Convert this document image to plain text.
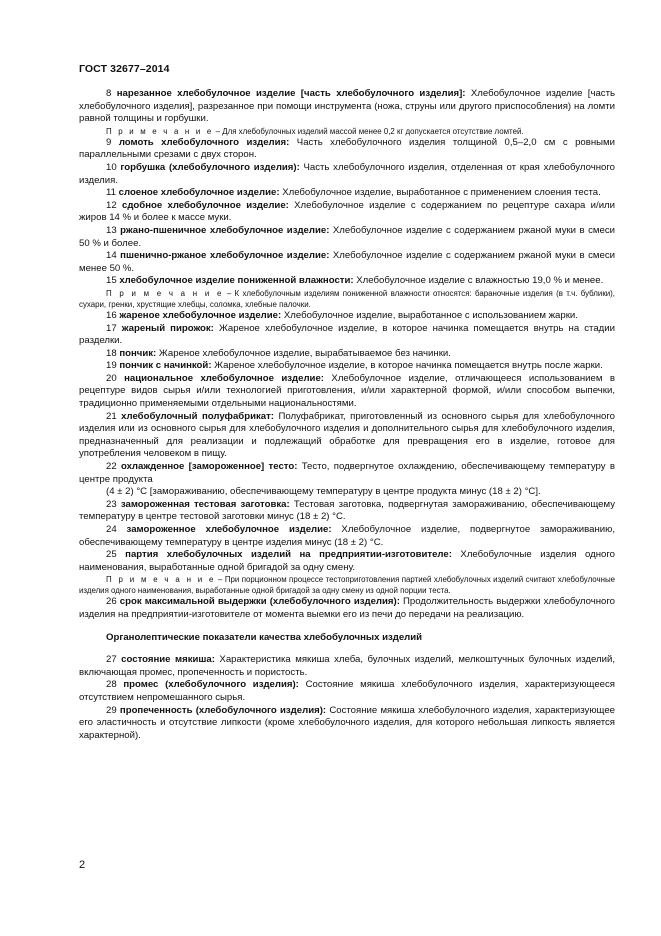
ГОСТ 32677–2014

8 нарезанное хлебобулочное изделие [часть хлебобулочного изделия]: Хлебобулочное изделие [часть хлебобулочного изделия], разрезанное при помощи инструмента (ножа, струны или другого приспособления) на ломти равной толщины и горбушки.

П р и м е ч а н и е – Для хлебобулочных изделий массой менее 0,2 кг допускается отсутствие ломтей.

9 ломоть хлебобулочного изделия: Часть хлебобулочного изделия толщиной 0,5–2,0 см с ровными параллельными срезами с двух сторон.

10 горбушка (хлебобулочного изделия): Часть хлебобулочного изделия, отделенная от края хлебобулочного изделия.

11 слоеное хлебобулочное изделие: Хлебобулочное изделие, выработанное с применением слоения теста.

12 сдобное хлебобулочное изделие: Хлебобулочное изделие с содержанием по рецептуре сахара и/или жиров 14 % и более к массе муки.

13 ржано-пшеничное хлебобулочное изделие: Хлебобулочное изделие с содержанием ржаной муки в смеси 50 % и более.

14 пшенично-ржаное хлебобулочное изделие: Хлебобулочное изделие с содержанием ржаной муки в смеси менее 50 %.

15 хлебобулочное изделие пониженной влажности: Хлебобулочное изделие с влажностью 19,0 % и менее.

П р и м е ч а н и е – К хлебобулочным изделиям пониженной влажности относятся: бараночные изделия (в т.ч. бублики), сухари, гренки, хрустящие хлебцы, соломка, хлебные палочки.

16 жареное хлебобулочное изделие: Хлебобулочное изделие, выработанное с использованием жарки.

17 жареный пирожок: Жареное хлебобулочное изделие, в которое начинка помещается внутрь на стадии разделки.

18 пончик: Жареное хлебобулочное изделие, вырабатываемое без начинки.

19 пончик с начинкой: Жареное хлебобулочное изделие, в которое начинка помещается внутрь после жарки.

20 национальное хлебобулочное изделие: Хлебобулочное изделие, отличающееся использованием в рецептуре видов сырья и/или технологией приготовления, и/или характерной формой, и/или способом выпечки, традиционно применяемыми отдельными национальностями.

21 хлебобулочный полуфабрикат: Полуфабрикат, приготовленный из основного сырья для хлебобулочного изделия или из основного сырья для хлебобулочного изделия и дополнительного сырья для хлебобулочного изделия, предназначенный для реализации и подлежащий обработке для превращения его в изделие, готовое для употребления человеком в пищу.

22 охлажденное [замороженное] тесто: Тесто, подвергнутое охлаждению, обеспечивающему температуру в центре продукта

(4 ± 2) °С [замораживанию, обеспечивающему температуру в центре продукта минус (18 ± 2) °С].

23 замороженная тестовая заготовка: Тестовая заготовка, подвергнутая замораживанию, обеспечивающему температуру в центре тестовой заготовки минус (18 ± 2) °С.

24 замороженное хлебобулочное изделие: Хлебобулочное изделие, подвергнутое замораживанию, обеспечивающему температуру в центре изделия минус (18 ± 2) °С.

25 партия хлебобулочных изделий на предприятии-изготовителе: Хлебобулочные изделия одного наименования, выработанные одной бригадой за одну смену.

П р и м е ч а н и е – При порционном процессе тестоприготовления партией хлебобулочных изделий считают хлебобулочные изделия одного наименования, выработанные одной бригадой за одну смену из одной порции теста.

26 срок максимальной выдержки (хлебобулочного изделия): Продолжительность выдержки хлебобулочного изделия на предприятии-изготовителе от момента выемки его из печи до передачи на реализацию.

Органолептические показатели качества хлебобулочных изделий

27 состояние мякиша: Характеристика мякиша хлеба, булочных изделий, мелкоштучных булочных изделий, включающая промес, пропеченность и пористость.

28 промес (хлебобулочного изделия): Состояние мякиша хлебобулочного изделия, характеризующееся отсутствием непромешанного сырья.

29 пропеченность (хлебобулочного изделия): Состояние мякиша хлебобулочного изделия, характеризующее его эластичность и отсутствие липкости (кроме хлебобулочного изделия, для которого небольшая липкость является характерной).

2
